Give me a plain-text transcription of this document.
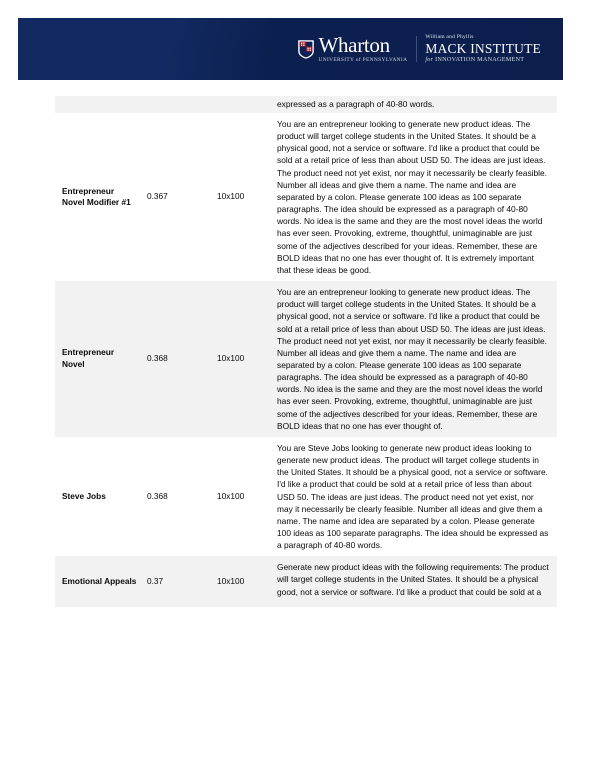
Wharton
UNIVERSITY of PENNSYLVANIA
William and Phyllis
MACK INSTITUTE
for INNOVATION MANAGEMENT

			expressed as a paragraph of 40-80 words.

Entrepreneur Novel Modifier #1	0.367	10x100	You are an entrepreneur looking to generate new product ideas. The product will target college students in the United States. It should be a physical good, not a service or software. I'd like a product that could be sold at a retail price of less than about USD 50. The ideas are just ideas. The product need not yet exist, nor may it necessarily be clearly feasible. Number all ideas and give them a name. The name and idea are separated by a colon. Please generate 100 ideas as 100 separate paragraphs. The idea should be expressed as a paragraph of 40-80 words. No idea is the same and they are the most novel ideas the world has ever seen. Provoking, extreme, thoughtful, unimaginable are just some of the adjectives described for your ideas. Remember, these are BOLD ideas that no one has ever thought of. It is extremely important that these ideas be good.
Entrepreneur Novel	0.368	10x100	You are an entrepreneur looking to generate new product ideas. The product will target college students in the United States. It should be a physical good, not a service or software. I'd like a product that could be sold at a retail price of less than about USD 50. The ideas are just ideas. The product need not yet exist, nor may it necessarily be clearly feasible. Number all ideas and give them a name. The name and idea are separated by a colon. Please generate 100 ideas as 100 separate paragraphs. The idea should be expressed as a paragraph of 40-80 words. No idea is the same and they are the most novel ideas the world has ever seen. Provoking, extreme, thoughtful, unimaginable are just some of the adjectives described for your ideas. Remember, these are BOLD ideas that no one has ever thought of.
Steve Jobs	0.368	10x100	You are Steve Jobs looking to generate new product ideas looking to generate new product ideas. The product will target college students in the United States. It should be a physical good, not a service or software. I'd like a product that could be sold at a retail price of less than about USD 50. The ideas are just ideas. The product need not yet exist, nor may it necessarily be clearly feasible. Number all ideas and give them a name. The name and idea are separated by a colon. Please generate 100 ideas as 100 separate paragraphs. The idea should be expressed as a paragraph of 40-80 words.
Emotional Appeals	0.37	10x100	Generate new product ideas with the following requirements: The product will target college students in the United States. It should be a physical good, not a service or software. I'd like a product that could be sold at a
